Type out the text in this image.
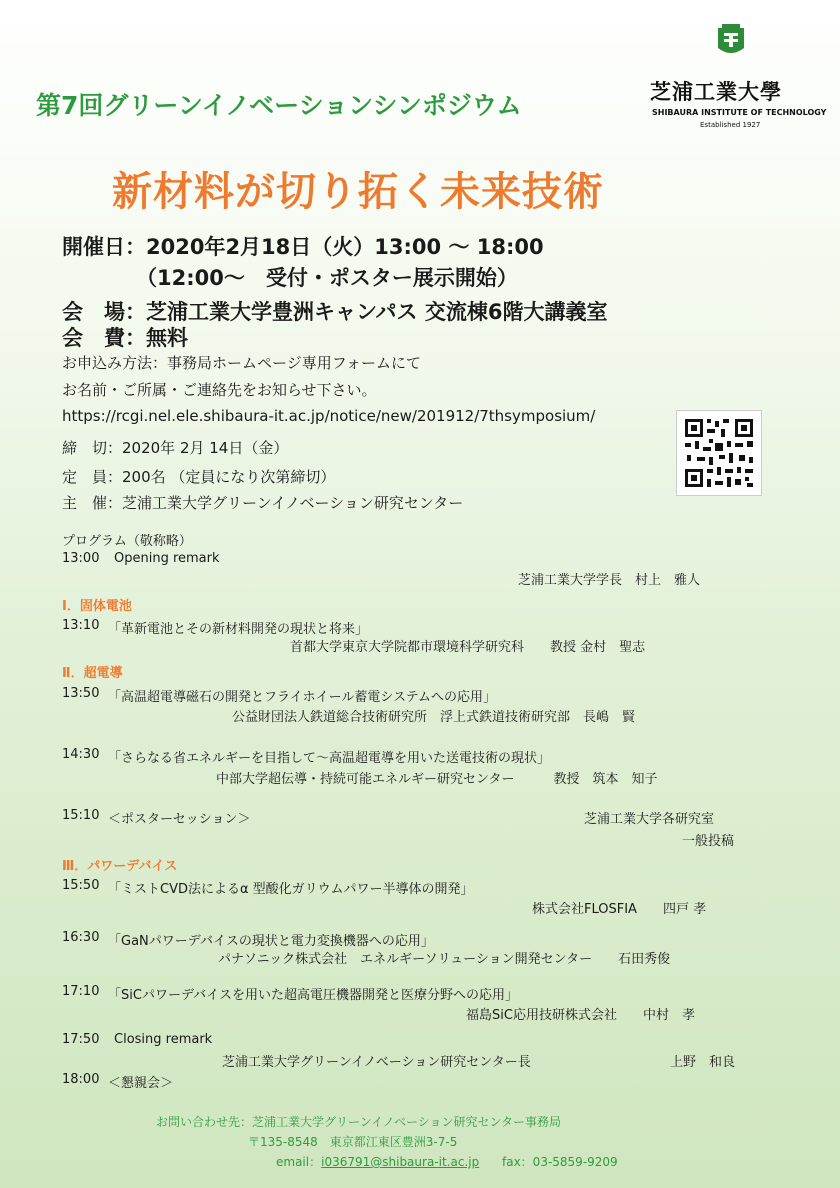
第7回グリーンイノベーションシンポジウム	芝浦工業大學
SHIBAURA INSTITUTE OF TECHNOLOGY
Established 1927
新材料が切り拓く未来技術
開催日：2020年2月18日（火）13:00 ～ 18:00
（12:00～　受付・ポスター展示開始）
会　場：芝浦工業大学豊洲キャンパス 交流棟6階大講義室
会　費：無料
お申込み方法：事務局ホームページ専用フォームにて
お名前・ご所属・ご連絡先をお知らせ下さい。
https://rcgi.nel.ele.shibaura-it.ac.jp/notice/new/201912/7thsymposium/
締　切：2020年 2月 14日（金）
定　員：200名 （定員になり次第締切）
主　催：芝浦工業大学グリーンイノベーション研究センター
プログラム（敬称略）
13:00 Opening remark
芝浦工業大学学長　村上　雅人
Ⅰ．固体電池
13:10 「革新電池とその新材料開発の現状と将来」
首都大学東京大学院都市環境科学研究科　　教授 金村　聖志
Ⅱ．超電導
13:50 「高温超電導磁石の開発とフライホイール蓄電システムへの応用」
公益財団法人鉄道総合技術研究所　浮上式鉄道技術研究部　長嶋　賢
14:30 「さらなる省エネルギーを目指して～高温超電導を用いた送電技術の現状」
中部大学超伝導・持続可能エネルギー研究センター　　　教授　筑本　知子
15:10 ＜ポスターセッション＞	芝浦工業大学各研究室
一般投稿
Ⅲ．パワーデバイス
15:50 「ミストCVD法によるα 型酸化ガリウムパワー半導体の開発」
株式会社FLOSFIA　　四戸 孝
16:30 「GaNパワーデバイスの現状と電力変換機器への応用」
パナソニック株式会社　エネルギーソリューション開発センター　　石田秀俊
17:10 「SiCパワーデバイスを用いた超高電圧機器開発と医療分野への応用」
福島SiC応用技研株式会社　　中村　孝
17:50 Closing remark
芝浦工業大学グリーンイノベーション研究センター長	上野　和良
18:00 ＜懇親会＞
お問い合わせ先：芝浦工業大学グリーンイノベーション研究センター事務局
〒135-8548　東京都江東区豊洲3-7-5
email：i036791@shibaura-it.ac.jp fax：03-5859-9209
